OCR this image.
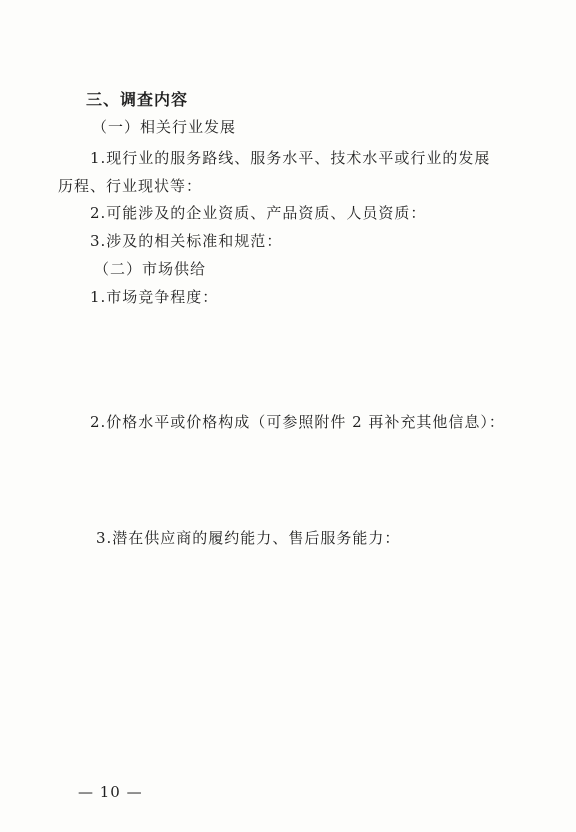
三、调查内容
（一）相关行业发展
1.现行业的服务路线、服务水平、技术水平或行业的发展
历程、行业现状等：
2.可能涉及的企业资质、产品资质、人员资质：
3.涉及的相关标准和规范：
（二）市场供给
1.市场竞争程度：
2.价格水平或价格构成（可参照附件 2 再补充其他信息）：
3.潜在供应商的履约能力、售后服务能力：
— 10 —
